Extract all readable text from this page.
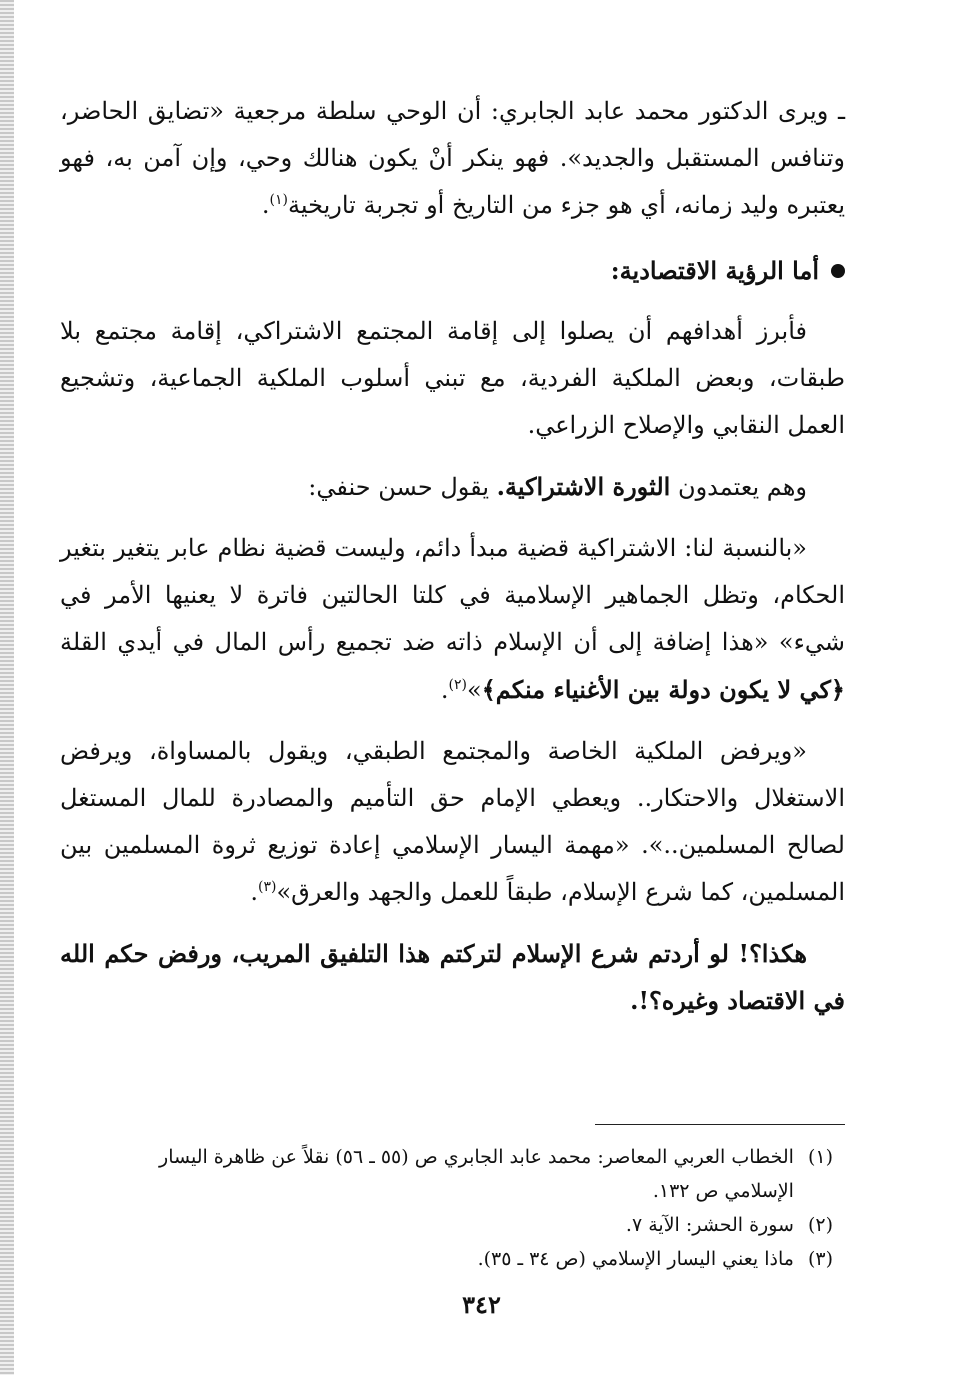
ـ ويرى الدكتور محمد عابد الجابري: أن الوحي سلطة مرجعية «تضايق الحاضر، وتنافس المستقبل والجديد». فهو ينكر أنْ يكون هنالك وحي، وإن آمن به، فهو يعتبره وليد زمانه، أي هو جزء من التاريخ أو تجربة تاريخية$^{(١)}$.

أما الرؤية الاقتصادية:

فأبرز أهدافهم أن يصلوا إلى إقامة المجتمع الاشتراكي، إقامة مجتمع بلا طبقات، وبعض الملكية الفردية، مع تبني أسلوب الملكية الجماعية، وتشجيع العمل النقابي والإصلاح الزراعي.

وهم يعتمدون الثورة الاشتراكية. يقول حسن حنفي:

«بالنسبة لنا: الاشتراكية قضية مبدأ دائم، وليست قضية نظام عابر يتغير بتغير الحكام، وتظل الجماهير الإسلامية في كلتا الحالتين فاترة لا يعنيها الأمر في شيء» «هذا إضافة إلى أن الإسلام ذاته ضد تجميع رأس المال في أيدي القلة ﴿كي لا يكون دولة بين الأغنياء منكم﴾»$^{(٢)}$.

«ويرفض الملكية الخاصة والمجتمع الطبقي، ويقول بالمساواة، ويرفض الاستغلال والاحتكار.. ويعطي الإمام حق التأميم والمصادرة للمال المستغل لصالح المسلمين..». «مهمة اليسار الإسلامي إعادة توزيع ثروة المسلمين بين المسلمين، كما شرع الإسلام، طبقاً للعمل والجهد والعرق»$^{(٣)}$.

هكذا؟! لو أردتم شرع الإسلام لتركتم هذا التلفيق المريب، ورفض حكم الله في الاقتصاد وغيره؟!.

(١)
الخطاب العربي المعاصر: محمد عابد الجابري ص (٥٥ ـ ٥٦) نقلاً عن ظاهرة اليسار الإسلامي ص ١٣٢.
(٢)
سورة الحشر: الآية ٧.
(٣)
ماذا يعني اليسار الإسلامي (ص ٣٤ ـ ٣٥).
٣٤٢
